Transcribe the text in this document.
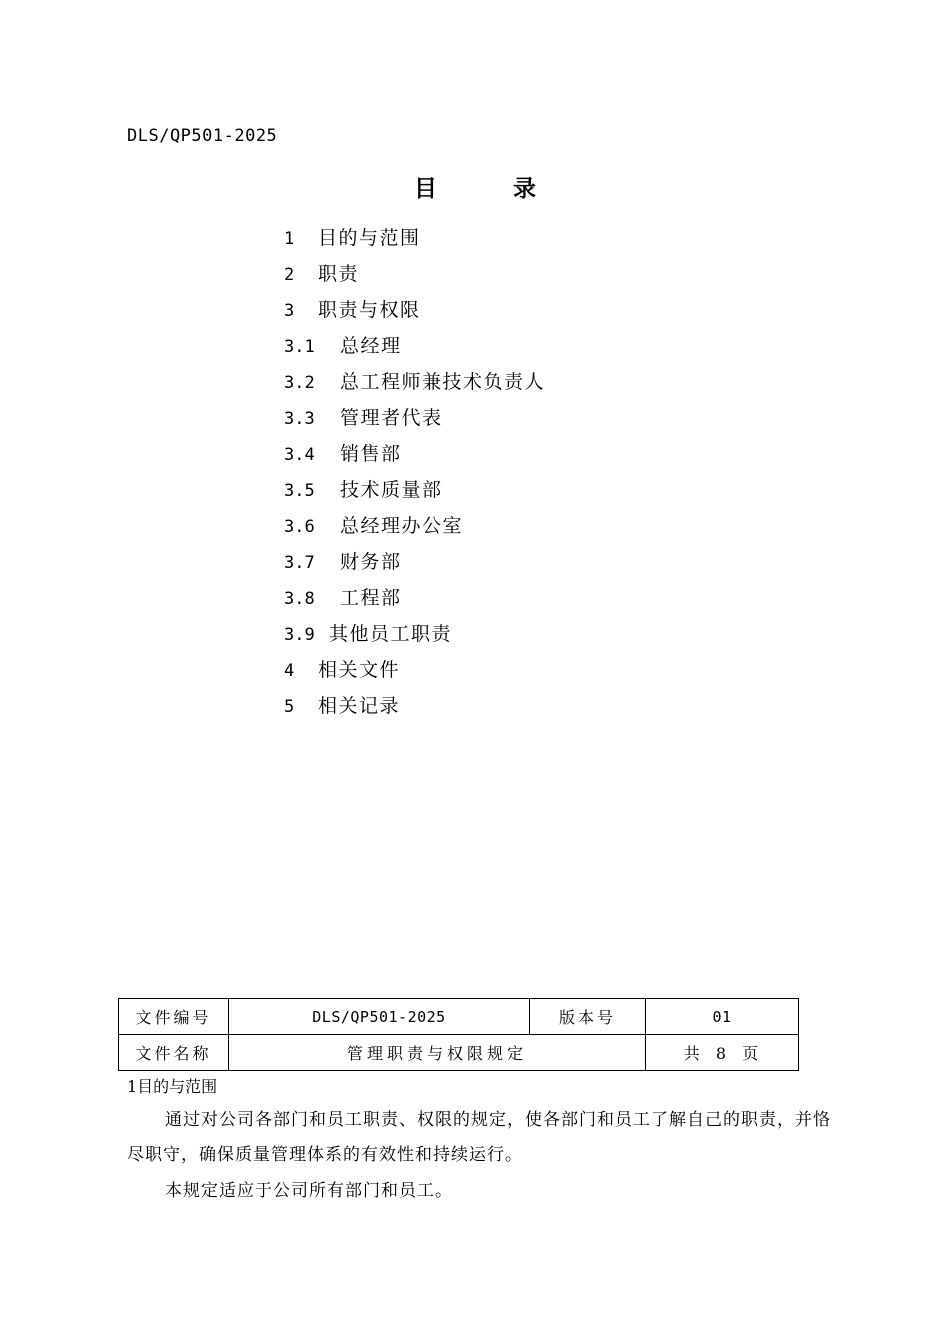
DLS/QP501-2025
目 录
1 目的与范围
2 职责
3 职责与权限
3.1 总经理
3.2 总工程师兼技术负责人
3.3 管理者代表
3.4 销售部
3.5 技术质量部
3.6 总经理办公室
3.7 财务部
3.8 工程部
3.9 其他员工职责
4 相关文件
5 相关记录
文件编号	DLS/QP501-2025	版本号	01
文件名称	管理职责与权限规定		共  8  页
1目的与范围
通过对公司各部门和员工职责、权限的规定，使各部门和员工了解自己的职责，并恪尽职守，确保质量管理体系的有效性和持续运行。
本规定适应于公司所有部门和员工。
